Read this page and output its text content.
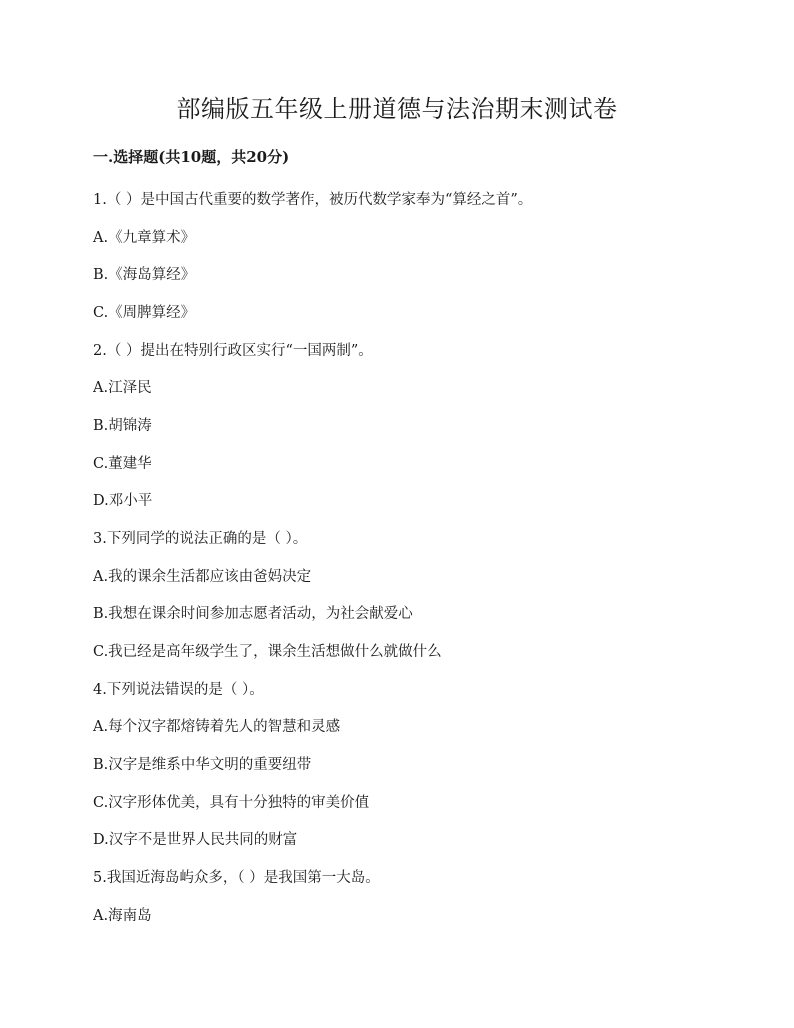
部编版五年级上册道德与法治期末测试卷
一.选择题(共10题，共20分)
1.（ ）是中国古代重要的数学著作，被历代数学家奉为“算经之首”。
A.《九章算术》
B.《海岛算经》
C.《周脾算经》
2.（ ）提出在特别行政区实行“一国两制”。
A.江泽民
B.胡锦涛
C.董建华
D.邓小平
3.下列同学的说法正确的是（ ）。
A.我的课余生活都应该由爸妈决定
B.我想在课余时间参加志愿者活动，为社会献爱心
C.我已经是高年级学生了，课余生活想做什么就做什么
4.下列说法错误的是（ ）。
A.每个汉字都熔铸着先人的智慧和灵感
B.汉字是维系中华文明的重要纽带
C.汉字形体优美，具有十分独特的审美价值
D.汉字不是世界人民共同的财富
5.我国近海岛屿众多，（ ）是我国第一大岛。
A.海南岛
